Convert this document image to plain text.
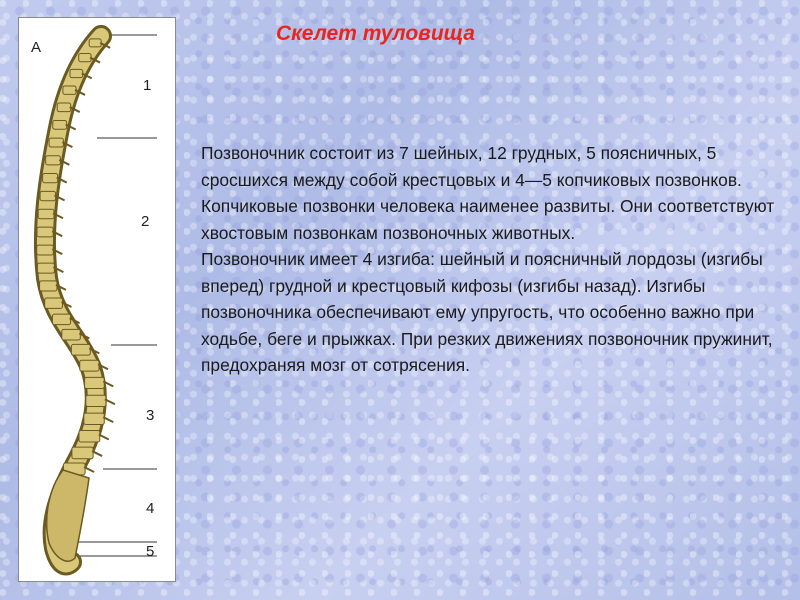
A
1
2
3
4
5
Скелет туловища

Позвоночник состоит из 7 шейных, 12 грудных, 5 поясничных, 5 сросшихся между собой крестцовых и 4—5 копчиковых позвонков. Копчиковые позвонки человека наименее развиты. Они соответствуют хвостовым позвонкам позвоночных животных.

Позвоночник имеет 4 изгиба: шейный и поясничный лордозы (изгибы вперед) грудной и крестцовый кифозы (изгибы назад). Изгибы позвоночника обеспечивают ему упругость, что особенно важно при ходьбе, беге и прыжках. При резких движениях позвоночник пружинит, предохраняя мозг от сотрясения.
